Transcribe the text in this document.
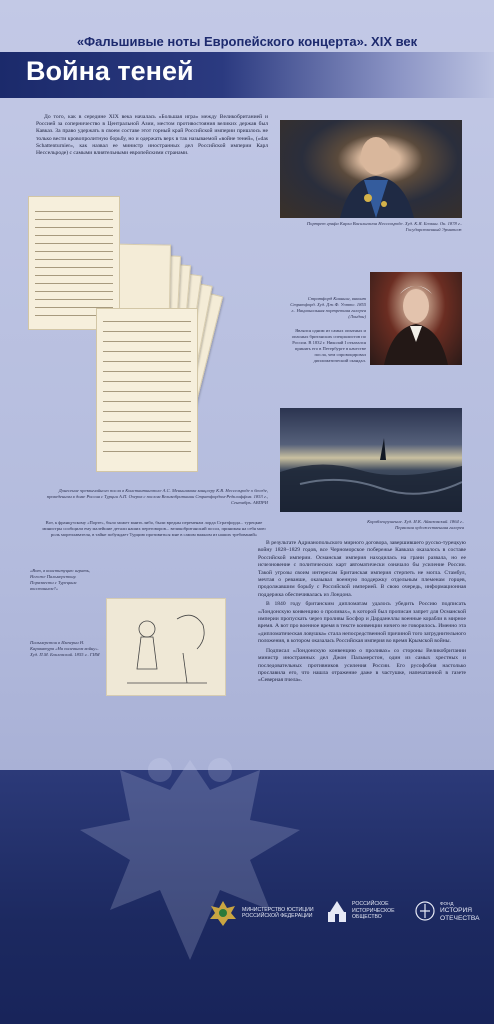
«Фальшивые ноты Европейского концерта». XIX век
Война теней
До того, как в середине XIX века началась «Большая игра» между Великобританией и Россией за соперничество в Центральной Азии, местом противостояния великих держав был Кавказ. За право удержать в своем составе этот горный край Российской империи пришлось не только вести кровопролитную борьбу, но и одержать верх в так называемой «войне теней», («das Schattenturnier», как назвал ее министр иностранных дел Российской империи Карл Нессельроде) с самыми влиятельными европейскими странами.
Портрет графа Карла Васильевича Нессельроде. Худ. К.Я. Бочкин. Ок. 1878 г.. Государственный Эрмитаж
Стратфорд Каннинг, виконт Стратфорд. Худ. Дж.Ф. Уоттс. 1855 г.. Национальная портретная галерея (Лондон)
Являлся одним из самых опытных и опасных британских специалистов по России. В 1832 г. Николай I отказался принять его в Петербурге в качестве посла, чем спровоцировал дипломатический скандал.
Донесение чрезвычайного посла в Константинополе А.С. Меньшикова канцлеру К.В. Нессельроде о беседе, проведенном в доме Россия с Турции А.П. Озеров с послом Великобритании Стратфордом-Редклиффом. 1853 г., Сентябрь. АВПРИ
Вот, к французскому «Порте», было может мнить либо, были вредны переменам лорда Стратфорда... турецкие министры сообщили ему малейшие детали наших переговоров... великобританский посол, принимая на себя мою роль мореплавателя, в тайне побуждает Турцию противиться мне в самом важном из наших требований»
Кораблекрушение. Худ. И.К. Айвазовский. 1864 г.. Пермская художественная галерея

В результате Адрианопольского мирного договора, завершившего русско-турецкую войну 1828–1829 годов, все Черноморское побережье Кавказа оказалось в составе Российской империи. Османская империя находилась на грани развала, но ее исчезновение с политических карт автоматически означало бы усиление России. Такой угрозы своим интересам Британская империя стерпеть не могла. Стамбул, мечтая о реванше, оказывал военную поддержку отдельным племенам горцев, продолжавшим борьбу с Российской империей. В свою очередь, информационная поддержка обеспечивалась из Лондона.

В 1840 году британским дипломатам удалось убедить Россию подписать «Лондонскую конвенцию о проливах», в которой был прописан запрет для Османской империи пропускать через проливы Босфор и Дарданеллы военные корабли в мирное время. А вот про военное время в тексте конвенции ничего не говорилось. Именно эта «дипломатическая ловушка» стала непосредственной причиной того затруднительного положения, в котором оказалась Российская империя во время Крымской войны.

Подписал «Лондонскую конвенцию о проливах» со стороны Великобритании министр иностранных дел Джон Пальмерстон, один из самых хрестных и последовательных противников усиления России. Его русофобия настолько прославила его, что нашла отражение даже в частушке, напечатанной в газете «Северная пчела».

«Вот, в конституцию играть, Негоже Пальмерстону. Поразвести с Турецким восстанием?»
Пальмерстон в Империи Н. Карикатура «На пилевшем войну». Худ. П.М. Боклевский. 1855 г.. ГИМ
МИНИСТЕРСТВО ЮСТИЦИИ
РОССИЙСКОЙ ФЕДЕРАЦИИ
РОССИЙСКОЕ
ИСТОРИЧЕСКОЕ
ОБЩЕСТВО
ФОНД
ИСТОРИЯ
ОТЕЧЕСТВА
